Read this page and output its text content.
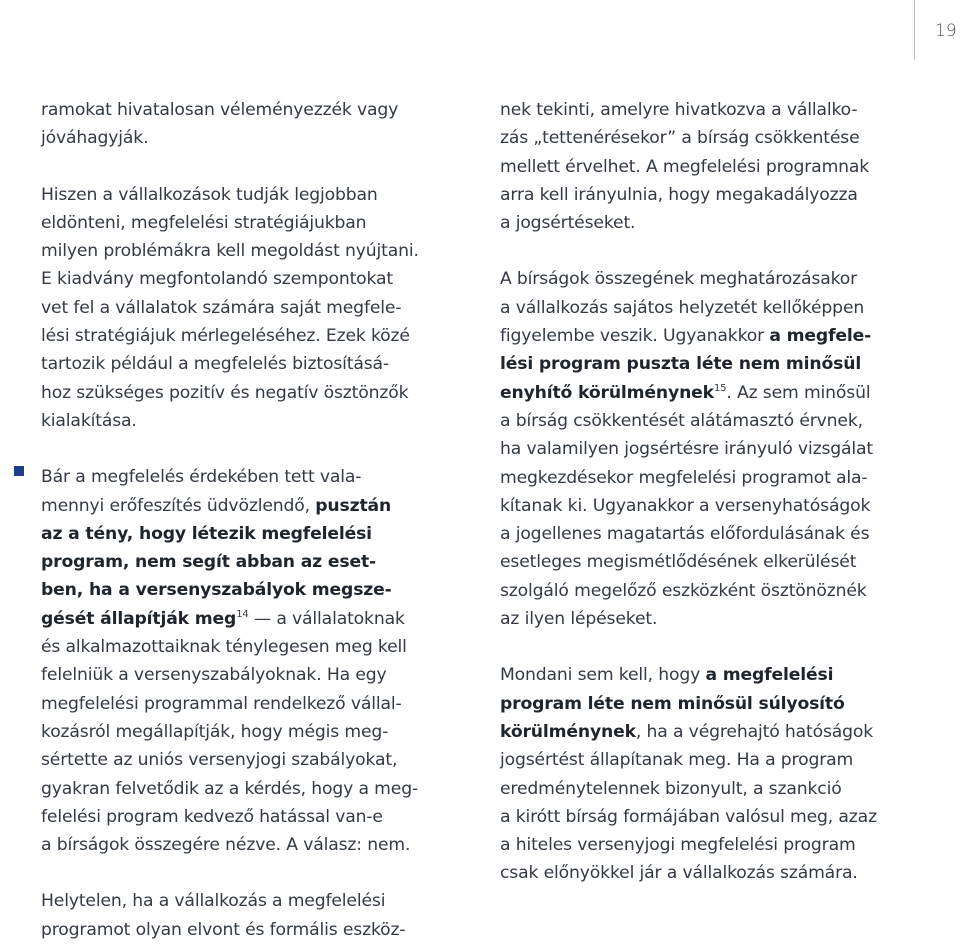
19
ramokat hivatalosan véleményezzék vagy
jóváhagyják.
Hiszen a vállalkozások tudják legjobban
eldönteni, megfelelési stratégiájukban
milyen problémákra kell megoldást nyújtani.
E kiadvány megfontolandó szempontokat
vet fel a vállalatok számára saját megfele-
lési stratégiájuk mérlegeléséhez. Ezek közé
tartozik például a megfelelés biztosításá-
hoz szükséges pozitív és negatív ösztönzők
kialakítása.
Bár a megfelelés érdekében tett vala-
mennyi erőfeszítés üdvözlendő, pusztán
az a tény, hogy létezik megfelelési
program, nem segít abban az eset-
ben, ha a versenyszabályok megsze-
gését állapítják meg$^{14}$ — a vállalatoknak
és alkalmazottaiknak ténylegesen meg kell
felelniük a versenyszabályoknak. Ha egy
megfelelési programmal rendelkező vállal-
kozásról megállapítják, hogy mégis meg-
sértette az uniós versenyjogi szabályokat,
gyakran felvetődik az a kérdés, hogy a meg-
felelési program kedvező hatással van-e
a bírságok összegére nézve. A válasz: nem.
Helytelen, ha a vállalkozás a megfelelési
programot olyan elvont és formális eszköz-
nek tekinti, amelyre hivatkozva a vállalko-
zás „tettenérésekor” a bírság csökkentése
mellett érvelhet. A megfelelési programnak
arra kell irányulnia, hogy megakadályozza
a jogsértéseket.
A bírságok összegének meghatározásakor
a vállalkozás sajátos helyzetét kellőképpen
figyelembe veszik. Ugyanakkor a megfele-
lési program puszta léte nem minősül
enyhítő körülménynek$^{15}$. Az sem minősül
a bírság csökkentését alátámasztó érvnek,
ha valamilyen jogsértésre irányuló vizsgálat
megkezdésekor megfelelési programot ala-
kítanak ki. Ugyanakkor a versenyhatóságok
a jogellenes magatartás előfordulásának és
esetleges megismétlődésének elkerülését
szolgáló megelőző eszközként ösztönöznék
az ilyen lépéseket.
Mondani sem kell, hogy a megfelelési
program léte nem minősül súlyosító
körülménynek, ha a végrehajtó hatóságok
jogsértést állapítanak meg. Ha a program
eredménytelennek bizonyult, a szankció
a kirótt bírság formájában valósul meg, azaz
a hiteles versenyjogi megfelelési program
csak előnyökkel jár a vállalkozás számára.
